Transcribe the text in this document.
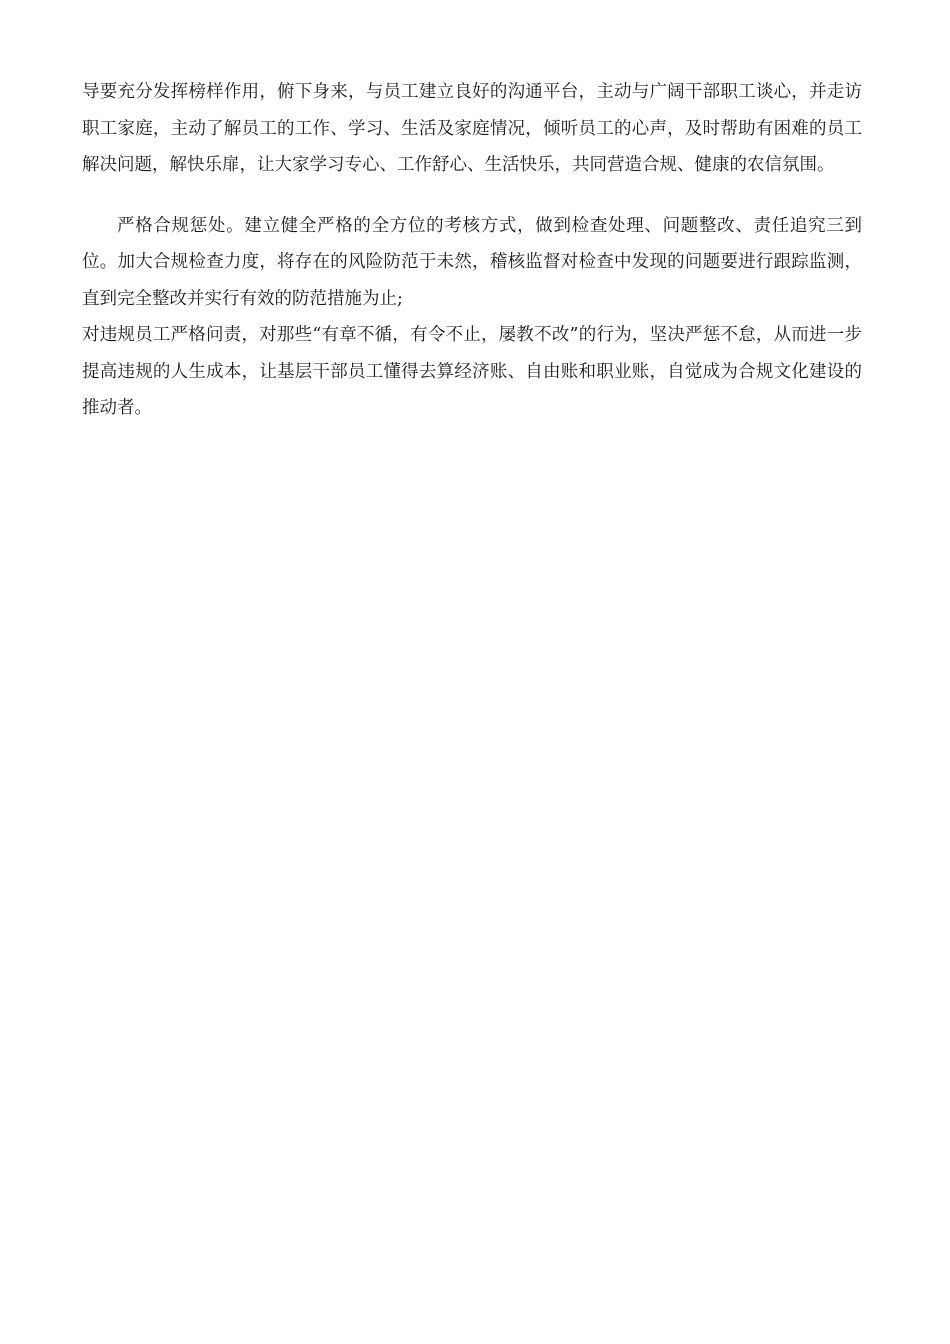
导要充分发挥榜样作用，俯下身来，与员工建立良好的沟通平台，主动与广阔干部职工谈心，并走访职工家庭，主动了解员工的工作、学习、生活及家庭情况，倾听员工的心声，及时帮助有困难的员工解决问题，解快乐扉，让大家学习专心、工作舒心、生活快乐，共同营造合规、健康的农信氛围。

严格合规惩处。建立健全严格的全方位的考核方式，做到检查处理、问题整改、责任追究三到位。加大合规检查力度，将存在的风险防范于未然，稽核监督对检查中发现的问题要进行跟踪监测，直到完全整改并实行有效的防范措施为止;

对违规员工严格问责，对那些“有章不循，有令不止，屡教不改”的行为，坚决严惩不怠，从而进一步提高违规的人生成本，让基层干部员工懂得去算经济账、自由账和职业账，自觉成为合规文化建设的推动者。
